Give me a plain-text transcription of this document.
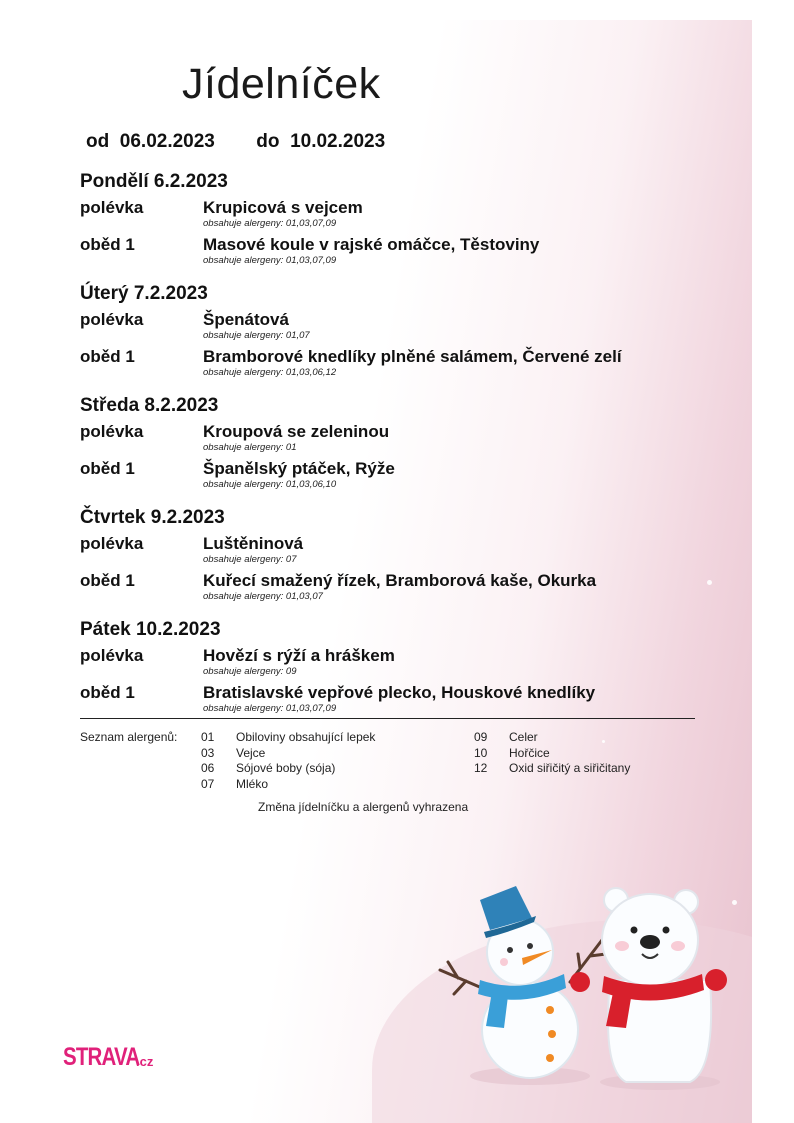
Jídelníček
od 06.02.2023 do 10.02.2023
Pondělí 6.2.2023
polévka	Krupicová s vejcem
obsahuje alergeny: 01,03,07,09
oběd 1	Masové koule v rajské omáčce, Těstoviny
obsahuje alergeny: 01,03,07,09
Úterý 7.2.2023
polévka	Špenátová
obsahuje alergeny: 01,07
oběd 1	Bramborové knedlíky plněné salámem, Červené zelí
obsahuje alergeny: 01,03,06,12
Středa 8.2.2023
polévka	Kroupová se zeleninou
obsahuje alergeny: 01
oběd 1	Španělský ptáček, Rýže
obsahuje alergeny: 01,03,06,10
Čtvrtek 9.2.2023
polévka	Luštěninová
obsahuje alergeny: 07
oběd 1	Kuřecí smažený řízek, Bramborová kaše, Okurka
obsahuje alergeny: 01,03,07
Pátek 10.2.2023
polévka	Hovězí s rýží a hráškem
obsahuje alergeny: 09
oběd 1	Bratislavské vepřové plecko, Houskové knedlíky
obsahuje alergeny: 01,03,07,09
Seznam alergenů:	01	Obiloviny obsahující lepek
03	Vejce
06	Sójové boby (sója)
07	Mléko
09	Celer
10	Hořčice
12	Oxid siřičitý a siřičitany
Změna jídelníčku a alergenů vyhrazena
STRAVA
.cz
